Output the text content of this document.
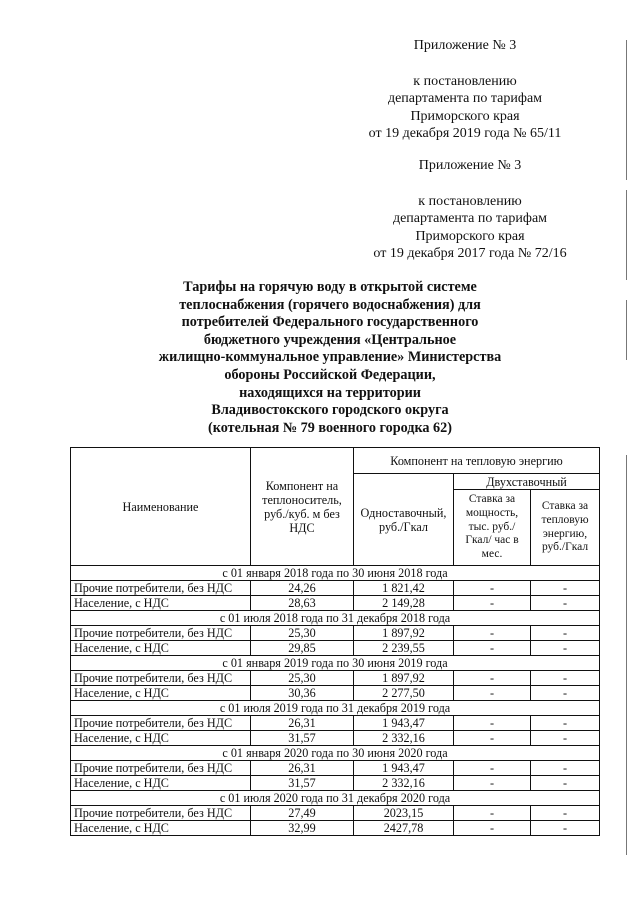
Приложение № 3
к постановлению
департамента по тарифам
Приморского края
от 19 декабря 2019 года № 65/11
Приложение № 3
к постановлению
департамента по тарифам
Приморского края
от 19 декабря 2017 года № 72/16
Тарифы на горячую воду в открытой системе
теплоснабжения (горячего водоснабжения) для
потребителей Федерального государственного
бюджетного учреждения «Центральное
жилищно-коммунальное управление» Министерства
обороны Российской Федерации,
находящихся на территории
Владивостокского городского округа
(котельная № 79 военного городка 62)
Наименование	Компонент на теплоноситель, руб./куб. м без НДС	Компонент на тепловую энергию		
		Одноставочный, руб./Гкал	Двухставочный	
			Ставка за мощность, тыс. руб./Гкал/ час в мес.	Ставка за тепловую энергию, руб./Гкал
с 01 января 2018 года по 30 июня 2018 года				
Прочие потребители, без НДС	24,26	1 821,42	-	-
Население, с НДС	28,63	2 149,28	-	-
с 01 июля 2018 года по 31 декабря 2018 года				
Прочие потребители, без НДС	25,30	1 897,92	-	-
Население, с НДС	29,85	2 239,55	-	-
с 01 января 2019 года по 30 июня 2019 года				
Прочие потребители, без НДС	25,30	1 897,92	-	-
Население, с НДС	30,36	2 277,50	-	-
с 01 июля 2019 года по 31 декабря 2019 года				
Прочие потребители, без НДС	26,31	1 943,47	-	-
Население, с НДС	31,57	2 332,16	-	-
с 01 января 2020 года по 30 июня 2020 года				
Прочие потребители, без НДС	26,31	1 943,47	-	-
Население, с НДС	31,57	2 332,16	-	-
с 01 июля 2020 года по 31 декабря 2020 года				
Прочие потребители, без НДС	27,49	2023,15	-	-
Население, с НДС	32,99	2427,78	-	-
